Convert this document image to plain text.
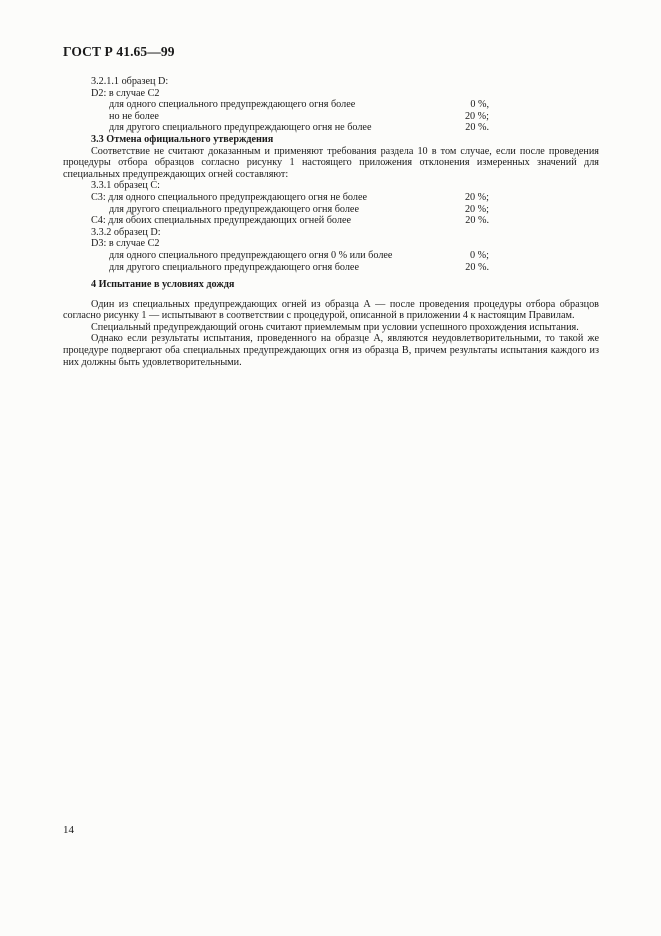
ГОСТ Р 41.65—99
3.2.1.1 образец D:
D2: в случае C2
для одного специального предупреждающего огня более	0 %,
но не более	20 %;
для другого специального предупреждающего огня не более	20 %.
3.3 Отмена официального утверждения
Соответствие не считают доказанным и применяют требования раздела 10 в том случае, если после проведения процедуры отбора образцов согласно рисунку 1 настоящего приложения отклонения измеренных значений для специальных предупреждающих огней составляют:
3.3.1 образец C:
C3: для одного специального предупреждающего огня не более	20 %;
для другого специального предупреждающего огня более	20 %;
C4: для обоих специальных предупреждающих огней более	20 %.
3.3.2 образец D:
D3: в случае C2
для одного специального предупреждающего огня 0 % или более	0 %;
для другого специального предупреждающего огня более	20 %.
4 Испытание в условиях дождя
Один из специальных предупреждающих огней из образца А — после проведения процедуры отбора образцов согласно рисунку 1 — испытывают в соответствии с процедурой, описанной в приложении 4 к настоящим Правилам.
Специальный предупреждающий огонь считают приемлемым при условии успешного прохождения испытания.
Однако если результаты испытания, проведенного на образце А, являются неудовлетворительными, то такой же процедуре подвергают оба специальных предупреждающих огня из образца В, причем результаты испытания каждого из них должны быть удовлетворительными.
14
